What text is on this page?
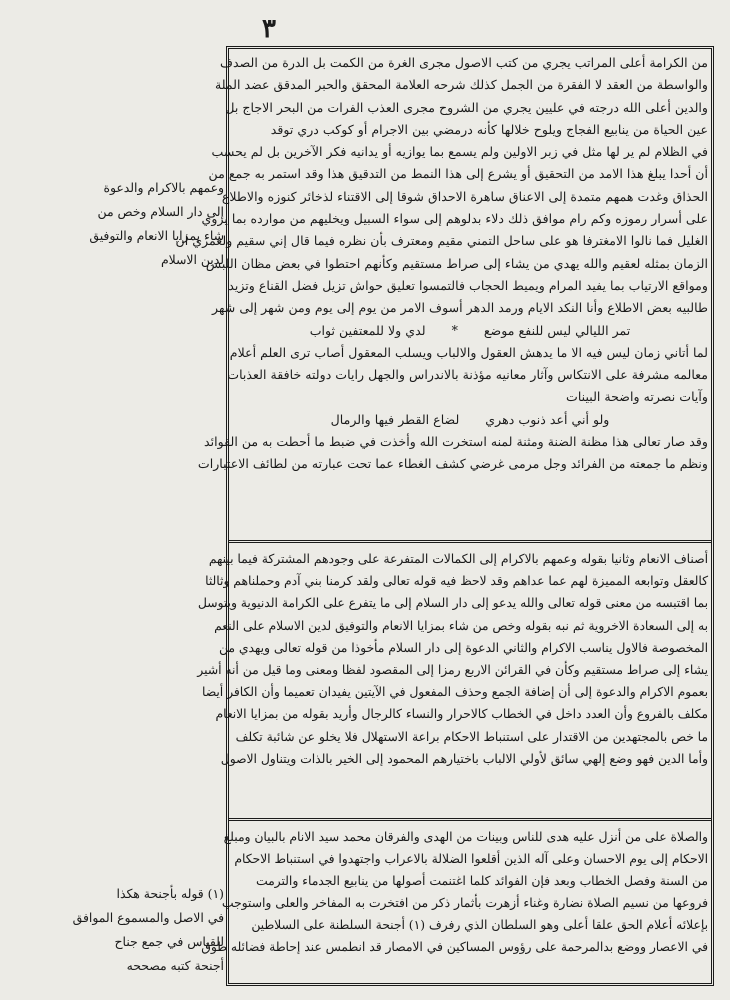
٣
من الكرامة أعلى المراتب يجري من كتب الاصول مجرى الغرة من الكمت بل الدرة من الصدف
والواسطة من العقد لا الفقرة من الجمل كذلك شرحه العلامة المحقق والحبر المدقق عضد الملة
والدين أعلى الله درجته في عليين يجري من الشروح مجرى العذب الفرات من البحر الاجاج بل
عين الحياة من ينابيع الفجاج ويلوح خلالها كأنه درمضي بين الاجرام أو كوكب دري توقد
في الظلام لم ير لها مثل في زبر الاولين ولم يسمع بما يوازيه أو يدانيه فكر الآخرين بل لم يحسب
أن أحدا يبلغ هذا الامد من التحقيق أو يشرع إلى هذا النمط من التدقيق هذا وقد استمر به جمع من
الحذاق وغدت همهم متمدة إلى الاعناق ساهرة الاحداق شوقا إلى الاقتناء لذخائر كنوزه والاطلاع
على أسرار رموزه وكم رام موافق ذلك دلاء بدلوهم إلى سواء السبيل ويخليهم من موارده بما يروي
الغليل فما نالوا الامغترفا هو على ساحل التمني مقيم ومعترف بأن نظره فيما قال إني سقيم ولعمري ان
الزمان بمثله لعقيم والله يهدي من يشاء إلى صراط مستقيم وكأنهم احتطوا في بعض مظان اللبس
ومواقع الارتياب بما يفيد المرام ويميط الحجاب فالتمسوا تعليق حواش تزيل فضل القناع وتزيد
طالبيه بعض الاطلاع وأنا النكد الايام ورمد الدهر أسوف الامر من يوم إلى يوم ومن شهر إلى شهر
تمر الليالي ليس للنفع موضع
*
لدي ولا للمعتفين ثواب
لما أتاني زمان ليس فيه الا ما يدهش العقول والالباب ويسلب المعقول أصاب ترى العلم أعلام
معالمه مشرفة على الانتكاس وآثار معانيه مؤذنة بالاندراس والجهل رايات دولته خافقة العذبات
وآيات نصرته واضحة البينات
ولو أني أعد ذنوب دهري
لضاع القطر فيها والرمال
وقد صار تعالى هذا مظنة الضنة ومثنة لمنه استخرت الله وأخذت في ضبط ما أحطت به من الفوائد
ونظم ما جمعته من الفرائد وجل مرمى غرضي كشف الغطاء عما تحت عبارته من لطائف الاعتبارات
أصناف الانعام وثانيا بقوله وعمهم بالاكرام إلى الكمالات المتفرعة على وجودهم المشتركة فيما بينهم
كالعقل وتوابعه المميزة لهم عما عداهم وقد لاحظ فيه قوله تعالى ولقد كرمنا بني آدم وحملناهم وثالثا
بما اقتبسه من معنى قوله تعالى والله يدعو إلى دار السلام إلى ما يتفرع على الكرامة الدنيوية ويتوسل
به إلى السعادة الاخروية ثم نبه بقوله وخص من شاء بمزايا الانعام والتوفيق لدين الاسلام على النعم
المخصوصة فالاول يناسب الاكرام والثاني الدعوة إلى دار السلام مأخوذا من قوله تعالى ويهدي من
يشاء إلى صراط مستقيم وكأن في القرائن الاربع رمزا إلى المقصود لفظا ومعنى وما قيل من أنه أشير
بعموم الاكرام والدعوة إلى أن إضافة الجمع وحذف المفعول في الآيتين يفيدان تعميما وأن الكافر أيضا
مكلف بالفروع وأن العدد داخل في الخطاب كالاحرار والنساء كالرجال وأريد بقوله من بمزايا الانعام
ما خص بالمجتهدين من الاقتدار على استنباط الاحكام براعة الاستهلال فلا يخلو عن شائبة تكلف
وأما الدين فهو وضع إلهي سائق لأولي الالباب باختيارهم المحمود إلى الخير بالذات ويتناول الاصول
والصلاة على من أنزل عليه هدى للناس وبينات من الهدى والفرقان محمد سيد الانام بالبيان ومبلغ
الاحكام إلى يوم الاحسان وعلى آله الذين أقلعوا الضلالة بالاعراب واجتهدوا في استنباط الاحكام
من السنة وفصل الخطاب وبعد فإن الفوائد كلما اغتنمت أصولها من ينابيع الجدماء والترمت
فروعها من نسيم الصلاة نضارة وغناء أزهرت بأثمار ذكر من افتخرت به المفاخر والعلى واستوجب
بإعلائه أعلام الحق علقا أعلى وهو السلطان الذي رفرف (١) أجنحة السلطنة على السلاطين
في الاعصار ووضع بدالمرحمة على رؤوس المساكين في الامصار قد انطمس عند إحاطة فضائله طوق
وعمهم بالاكرام والدعوة
إلى دار السلام وخص من
شاء بمزايا الانعام والتوفيق
لدين الاسلام
(١) قوله بأجنحة هكذا
في الاصل والمسموع الموافق
للقياس في جمع جناح
أجنحة كتبه مصححه
